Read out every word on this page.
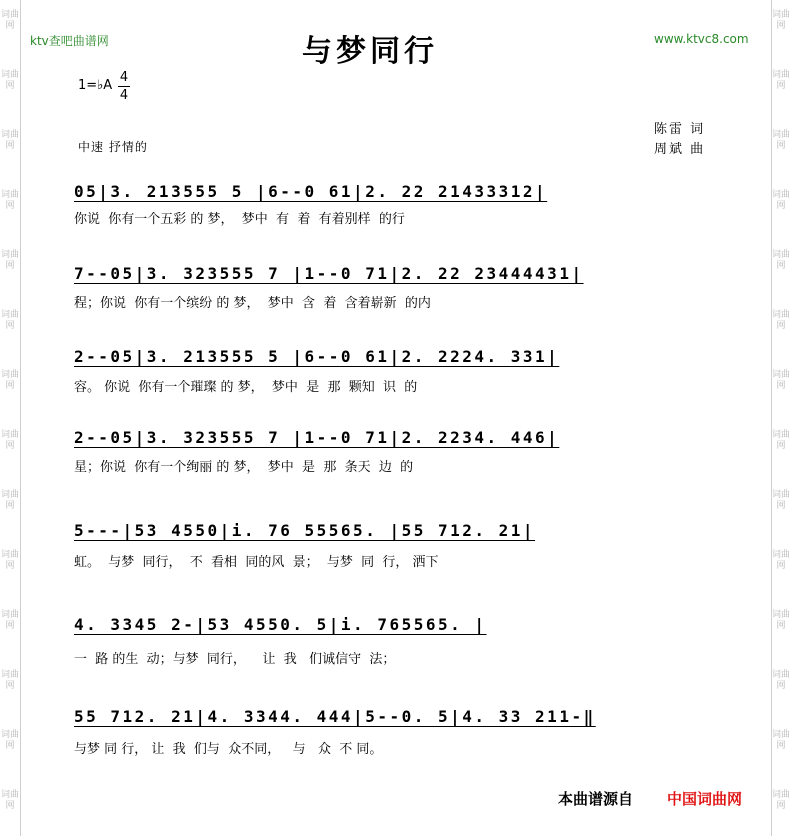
词曲网
词曲网
词曲网
词曲网
词曲网
词曲网
词曲网
词曲网
词曲网
词曲网
词曲网
词曲网
词曲网
词曲网
词曲网
词曲网
词曲网
词曲网
词曲网
词曲网
词曲网
词曲网
词曲网
词曲网
词曲网
词曲网
词曲网
词曲网
ktv查吧曲谱网	www.ktvc8.com
与梦同行
1=♭A
4
4
陈雷 词
周斌 曲
中速 抒情的
05|3. 213555 5 |6--0 61|2. 22 21433312|
你说  你有一个五彩 的 梦，  梦中  有  着  有着别样  的行
7--05|3. 323555 7 |1--0 71|2. 22 23444431|
程；你说  你有一个缤纷 的 梦，  梦中  含  着  含着崭新  的内
2--05|3. 213555 5 |6--0 61|2. 2224. 331|
容。 你说  你有一个璀璨 的 梦，  梦中  是  那  颗知  识  的
2--05|3. 323555 7 |1--0 71|2. 2234. 446|
星；你说  你有一个绚丽 的 梦，  梦中  是  那  条天  边  的
5---|53 4550|i. 76 55565. |55 712. 21|
虹。  与梦  同行，  不  看相  同的风  景；  与梦  同  行， 洒下
4. 3345 2-|53 4550. 5|i. 765565. |
一  路 的生  动；与梦  同行，    让  我   们诚信守  法；
55 712. 21|4. 3344. 444|5--0. 5|4. 33 211-‖
与梦 同 行， 让  我  们与  众不同，   与   众  不 同。
本曲谱源自 中国词曲网
